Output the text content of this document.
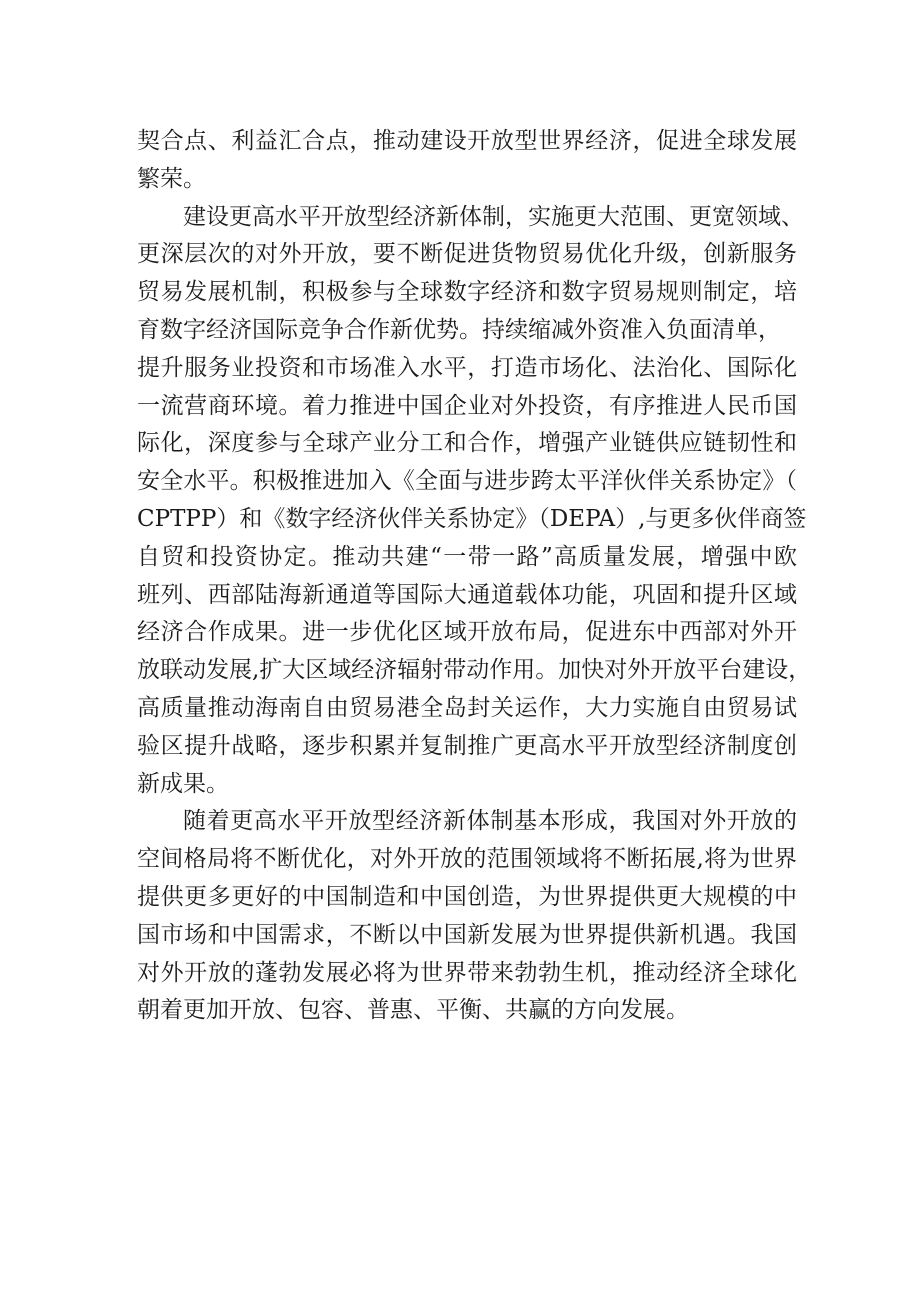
契合点、利益汇合点，推动建设开放型世界经济，促进全球发展
繁荣。
建设更高水平开放型经济新体制，实施更大范围、更宽领域、
更深层次的对外开放，要不断促进货物贸易优化升级，创新服务
贸易发展机制，积极参与全球数字经济和数字贸易规则制定，培
育数字经济国际竞争合作新优势。持续缩减外资准入负面清单，
提升服务业投资和市场准入水平，打造市场化、法治化、国际化
一流营商环境。着力推进中国企业对外投资，有序推进人民币国
际化，深度参与全球产业分工和合作，增强产业链供应链韧性和
安全水平。积极推进加入《全面与进步跨太平洋伙伴关系协定》（
CPTPP）和《数字经济伙伴关系协定》（DEPA）,与更多伙伴商签
自贸和投资协定。推动共建“一带一路”高质量发展，增强中欧
班列、西部陆海新通道等国际大通道载体功能，巩固和提升区域
经济合作成果。进一步优化区域开放布局，促进东中西部对外开
放联动发展,扩大区域经济辐射带动作用。加快对外开放平台建设，
高质量推动海南自由贸易港全岛封关运作，大力实施自由贸易试
验区提升战略，逐步积累并复制推广更高水平开放型经济制度创
新成果。
随着更高水平开放型经济新体制基本形成，我国对外开放的
空间格局将不断优化，对外开放的范围领域将不断拓展,将为世界
提供更多更好的中国制造和中国创造，为世界提供更大规模的中
国市场和中国需求，不断以中国新发展为世界提供新机遇。我国
对外开放的蓬勃发展必将为世界带来勃勃生机，推动经济全球化
朝着更加开放、包容、普惠、平衡、共赢的方向发展。
